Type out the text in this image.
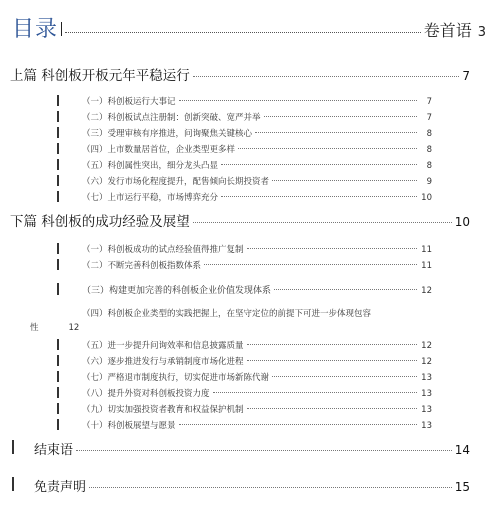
目录	卷首语 3
上篇 科创板开板元年平稳运行	7
（一）科创板运行大事记	7
（二）科创板试点注册制：创新突破、宽严并举	7
（三）受理审核有序推进，问询聚焦关键核心	8
（四）上市数量居首位，企业类型更多样	8
（五）科创属性突出，细分龙头凸显	8
（六）发行市场化程度提升，配售倾向长期投资者	9
（七）上市运行平稳，市场博弈充分	10
下篇 科创板的成功经验及展望	10
（一）科创板成功的试点经验值得推广复制	11
（二）不断完善科创板指数体系	11
（三）构建更加完善的科创板企业价值发现体系	12
（四）科创板企业类型的实践把握上，在坚守定位的前提下可进一步体现包容
性	12
（五）进一步提升问询效率和信息披露质量	12
（六）逐步推进发行与承销制度市场化进程	12
（七）严格退市制度执行，切实促进市场新陈代谢	13
（八）提升外资对科创板投资力度	13
（九）切实加强投资者教育和权益保护机制	13
（十）科创板展望与愿景	13
结束语	14
免责声明	15
